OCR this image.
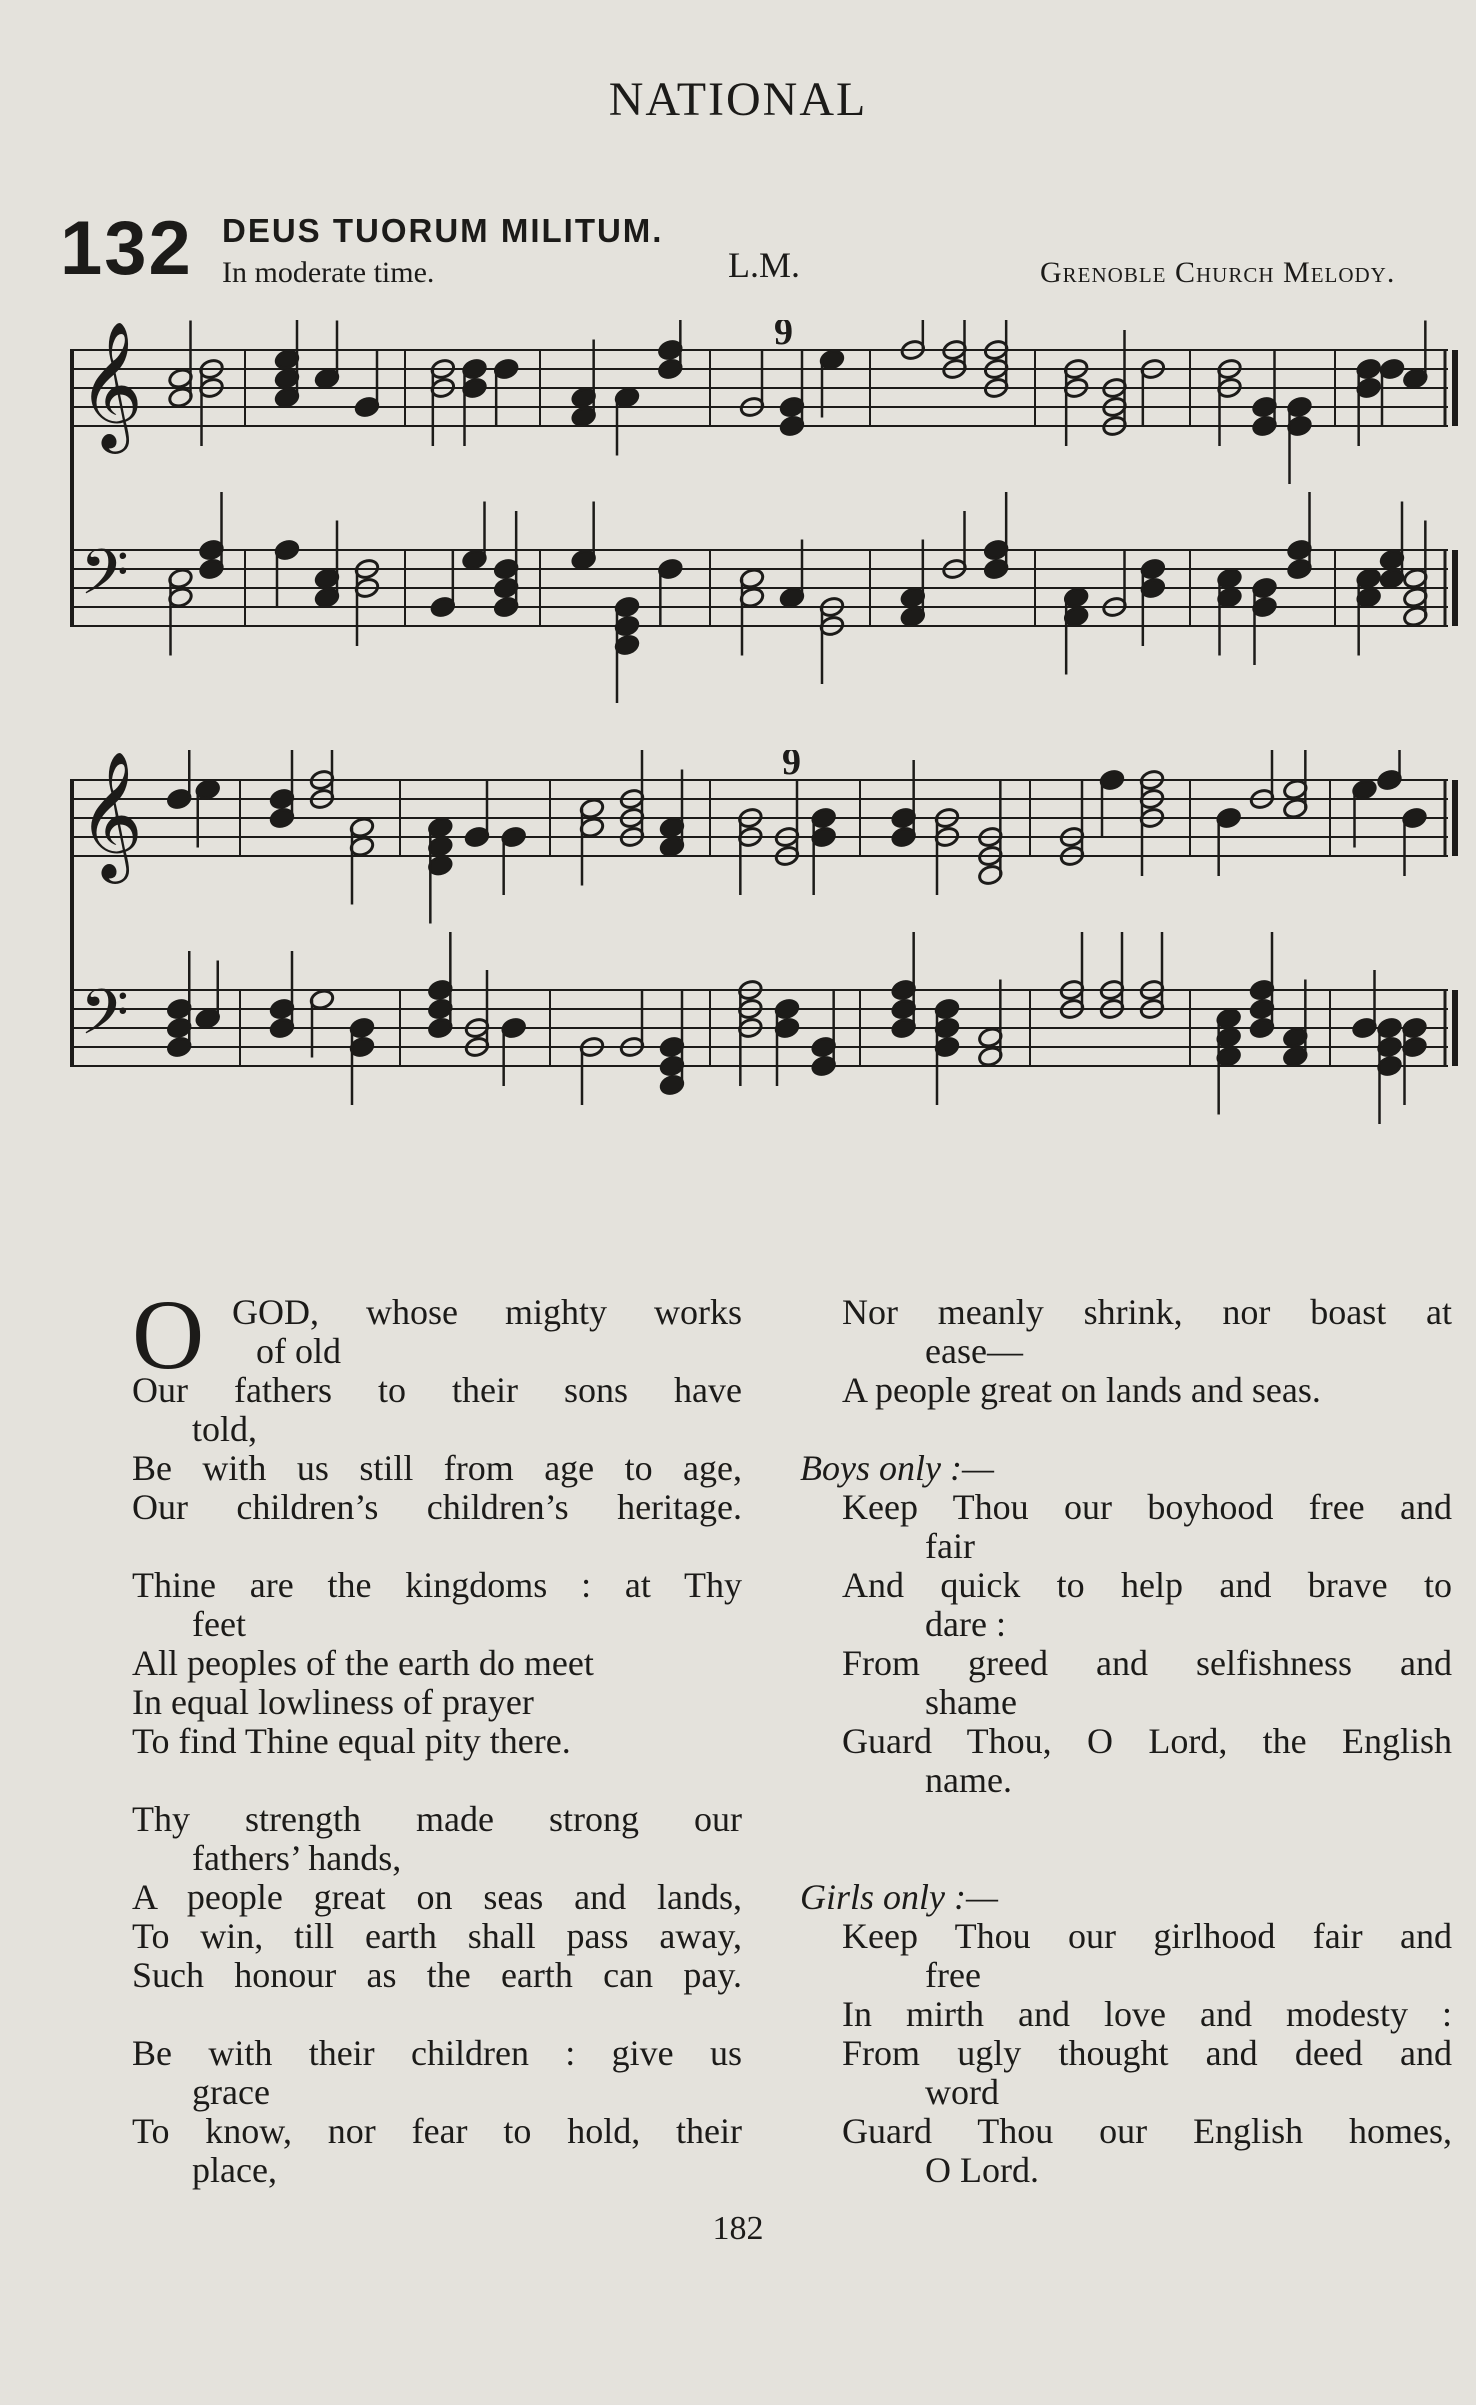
NATIONAL
132 DEUS TUORUM MILITUM.
In moderate time.	L.M.	Grenoble Church Melody.
𝄞
𝄢
9
𝄞
𝄢
9
O GOD, whose mighty works
of old
Our fathers to their sons have
told,
Be with us still from age to age,
Our children’s children’s heritage.
Thine are the kingdoms : at Thy
feet
All peoples of the earth do meet
In equal lowliness of prayer
To find Thine equal pity there.
Thy strength made strong our
fathers’ hands,
A people great on seas and lands,
To win, till earth shall pass away,
Such honour as the earth can pay.
Be with their children : give us
grace
To know, nor fear to hold, their
place,
Nor meanly shrink, nor boast at
ease—
A people great on lands and seas.
Boys only :—
Keep Thou our boyhood free and
fair
And quick to help and brave to
dare :
From greed and selfishness and
shame
Guard Thou, O Lord, the English
name.
Girls only :—
Keep Thou our girlhood fair and
free
In mirth and love and modesty :
From ugly thought and deed and
word
Guard Thou our English homes,
O Lord.
182
